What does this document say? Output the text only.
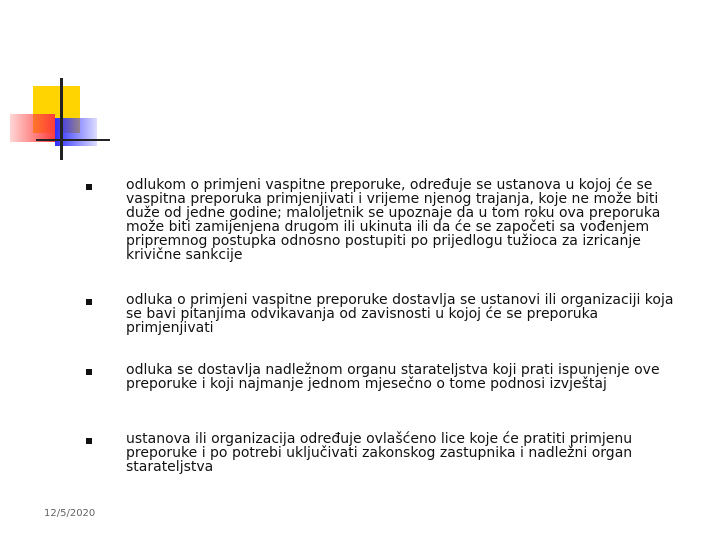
odlukom o primjeni vaspitne preporuke, određuje se ustanova u kojoj će se vaspitna preporuka primjenjivati i vrijeme njenog trajanja, koje ne može biti duže od jedne godine; maloljetnik se upoznaje da u tom roku ova preporuka može biti zamijenjena drugom ili ukinuta ili da će se započeti sa vođenjem pripremnog postupka odnosno postupiti po prijedlogu tužioca za izricanje krivične sankcije
odluka o primjeni vaspitne preporuke dostavlja se ustanovi ili organizaciji koja se bavi pitanjima odvikavanja od zavisnosti u kojoj će se preporuka primjenjivati
odluka se dostavlja nadležnom organu starateljstva koji prati ispunjenje ove preporuke i koji najmanje jednom mjesečno o tome podnosi izvještaj
ustanova ili organizacija određuje ovlašćeno lice koje će pratiti primjenu preporuke i po potrebi uključivati zakonskog zastupnika i nadležni organ starateljstva
12/5/2020
